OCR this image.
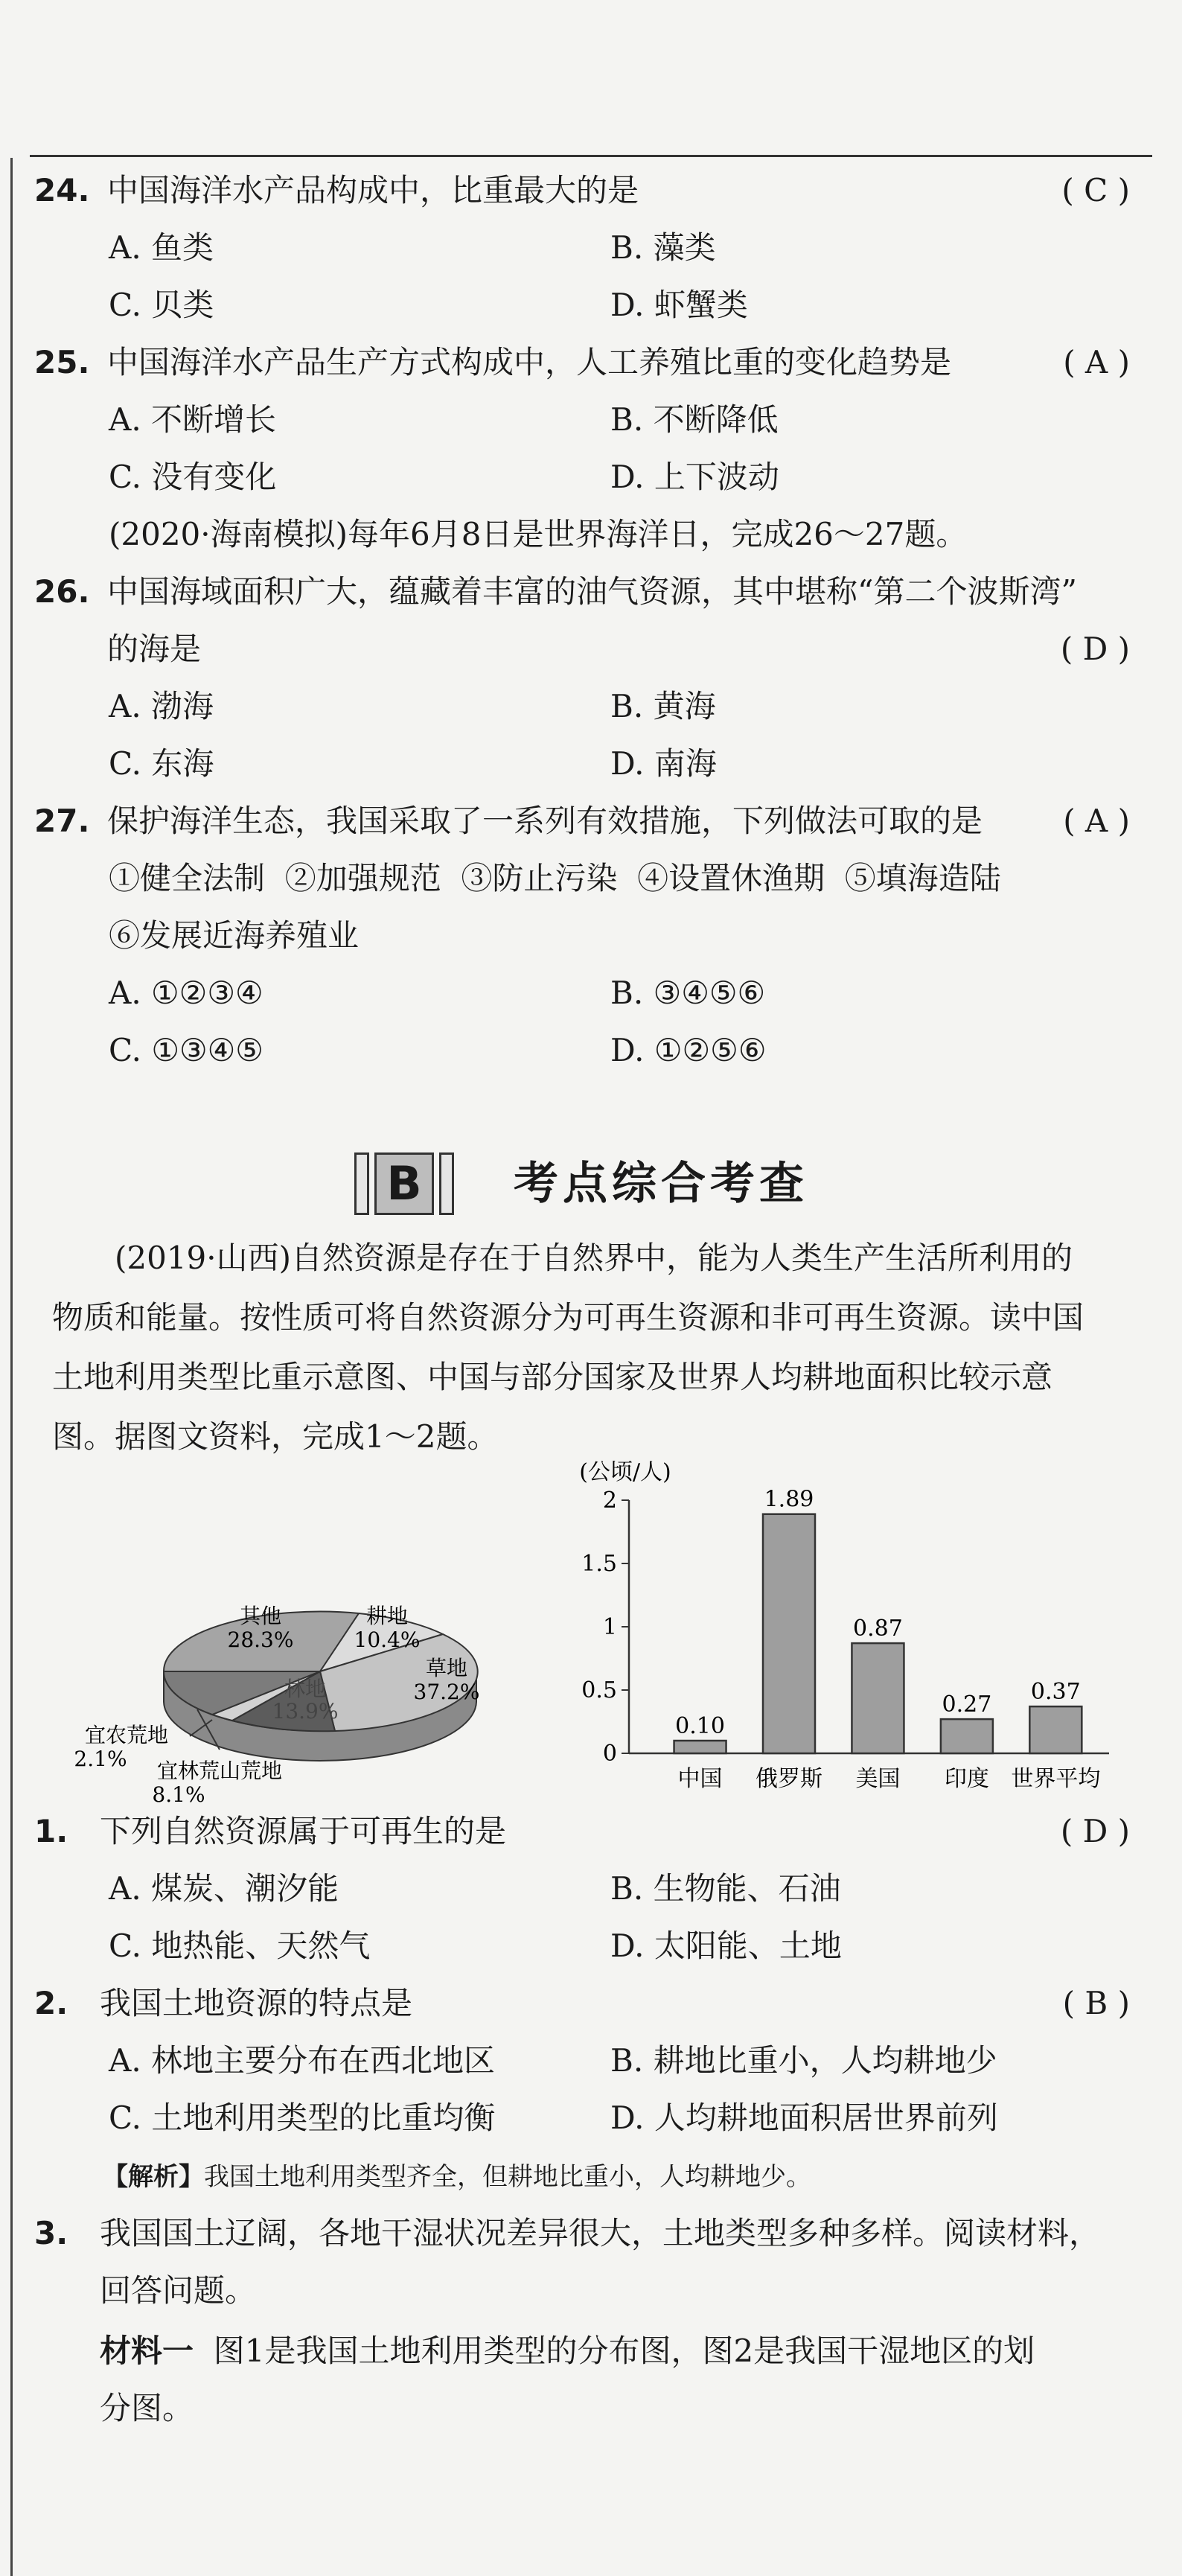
24. 中国海洋水产品构成中，比重最大的是	( C )
A. 鱼类	B. 藻类
C. 贝类	D. 虾蟹类
25. 中国海洋水产品生产方式构成中，人工养殖比重的变化趋势是	( A )
A. 不断增长	B. 不断降低
C. 没有变化	D. 上下波动
(2020·海南模拟)每年6月8日是世界海洋日，完成26～27题。
26. 中国海域面积广大，蕴藏着丰富的油气资源，其中堪称“第二个波斯湾”
的海是	( D )
A. 渤海	B. 黄海
C. 东海	D. 南海
27. 保护海洋生态，我国采取了一系列有效措施，下列做法可取的是	( A )
①健全法制  ②加强规范  ③防止污染  ④设置休渔期  ⑤填海造陆
⑥发展近海养殖业
A. ①②③④	B. ③④⑤⑥
C. ①③④⑤	D. ①②⑤⑥
B 考点综合考查
(2019·山西)自然资源是存在于自然界中，能为人类生产生活所利用的
物质和能量。按性质可将自然资源分为可再生资源和非可再生资源。读中国
土地利用类型比重示意图、中国与部分国家及世界人均耕地面积比较示意
图。据图文资料，完成1～2题。
其他
28.3%
耕地
10.4%
草地
37.2%
林地
13.9%
宜农荒地
2.1% 宜林荒山荒地
8.1%
(公顷/人)
0
0.5
1
1.5
2
0.10
中国
1.89
俄罗斯
0.87
美国
0.27
印度
0.37
世界平均
1. 下列自然资源属于可再生的是	( D )
A. 煤炭、潮汐能	B. 生物能、石油
C. 地热能、天然气	D. 太阳能、土地
2. 我国土地资源的特点是	( B )
A. 林地主要分布在西北地区	B. 耕地比重小，人均耕地少
C. 土地利用类型的比重均衡	D. 人均耕地面积居世界前列
【解析】我国土地利用类型齐全，但耕地比重小，人均耕地少。
3. 我国国土辽阔，各地干湿状况差异很大，土地类型多种多样。阅读材料，
回答问题。
材料一 图1是我国土地利用类型的分布图，图2是我国干湿地区的划
分图。
